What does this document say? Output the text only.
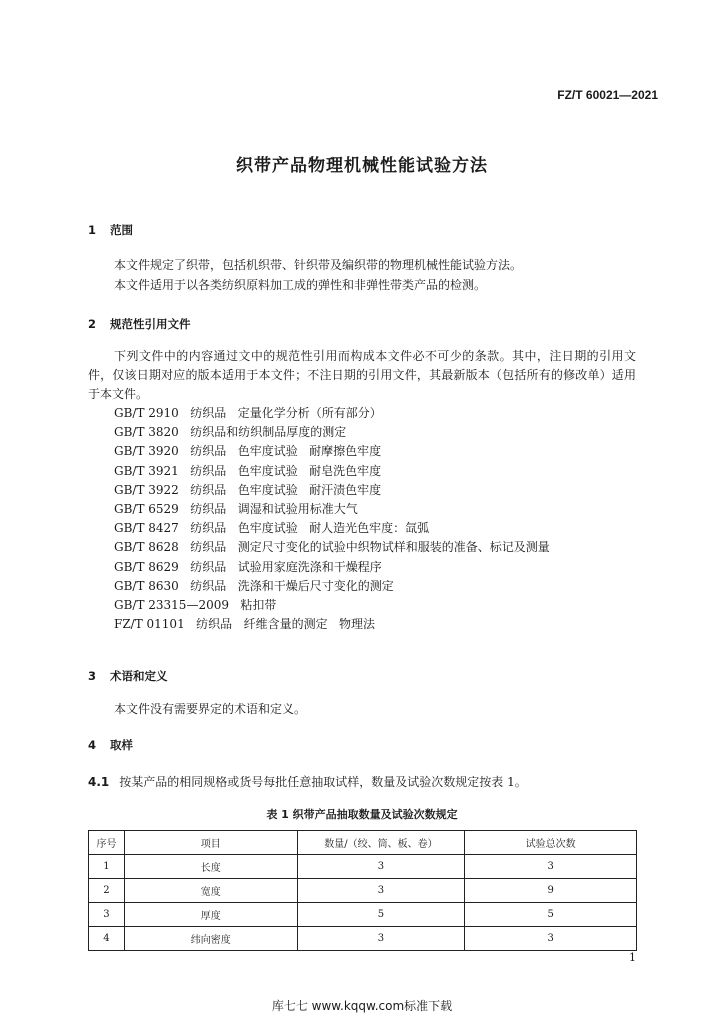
FZ/T 60021—2021
织带产品物理机械性能试验方法
1 范围
本文件规定了织带，包括机织带、针织带及编织带的物理机械性能试验方法。
本文件适用于以各类纺织原料加工成的弹性和非弹性带类产品的检测。
2 规范性引用文件
下列文件中的内容通过文中的规范性引用而构成本文件必不可少的条款。其中，注日期的引用文件，仅该日期对应的版本适用于本文件；不注日期的引用文件，其最新版本（包括所有的修改单）适用于本文件。
GB/T 2910   纺织品   定量化学分析（所有部分）
GB/T 3820   纺织品和纺织制品厚度的测定
GB/T 3920   纺织品   色牢度试验   耐摩擦色牢度
GB/T 3921   纺织品   色牢度试验   耐皂洗色牢度
GB/T 3922   纺织品   色牢度试验   耐汗渍色牢度
GB/T 6529   纺织品   调湿和试验用标准大气
GB/T 8427   纺织品   色牢度试验   耐人造光色牢度：氙弧
GB/T 8628   纺织品   测定尺寸变化的试验中织物试样和服装的准备、标记及测量
GB/T 8629   纺织品   试验用家庭洗涤和干燥程序
GB/T 8630   纺织品   洗涤和干燥后尺寸变化的测定
GB/T 23315—2009   粘扣带
FZ/T 01101   纺织品   纤维含量的测定   物理法
3 术语和定义
本文件没有需要界定的术语和定义。
4 取样
4.1 按某产品的相同规格或货号每批任意抽取试样，数量及试验次数规定按表 1。
表 1 织带产品抽取数量及试验次数规定
序号	项目	数量/（绞、筒、板、卷）	试验总次数
1	长度	3	3
2	宽度	3	9
3	厚度	5	5
4	纬向密度	3	3
1
库七七 www.kqqw.com标准下载
